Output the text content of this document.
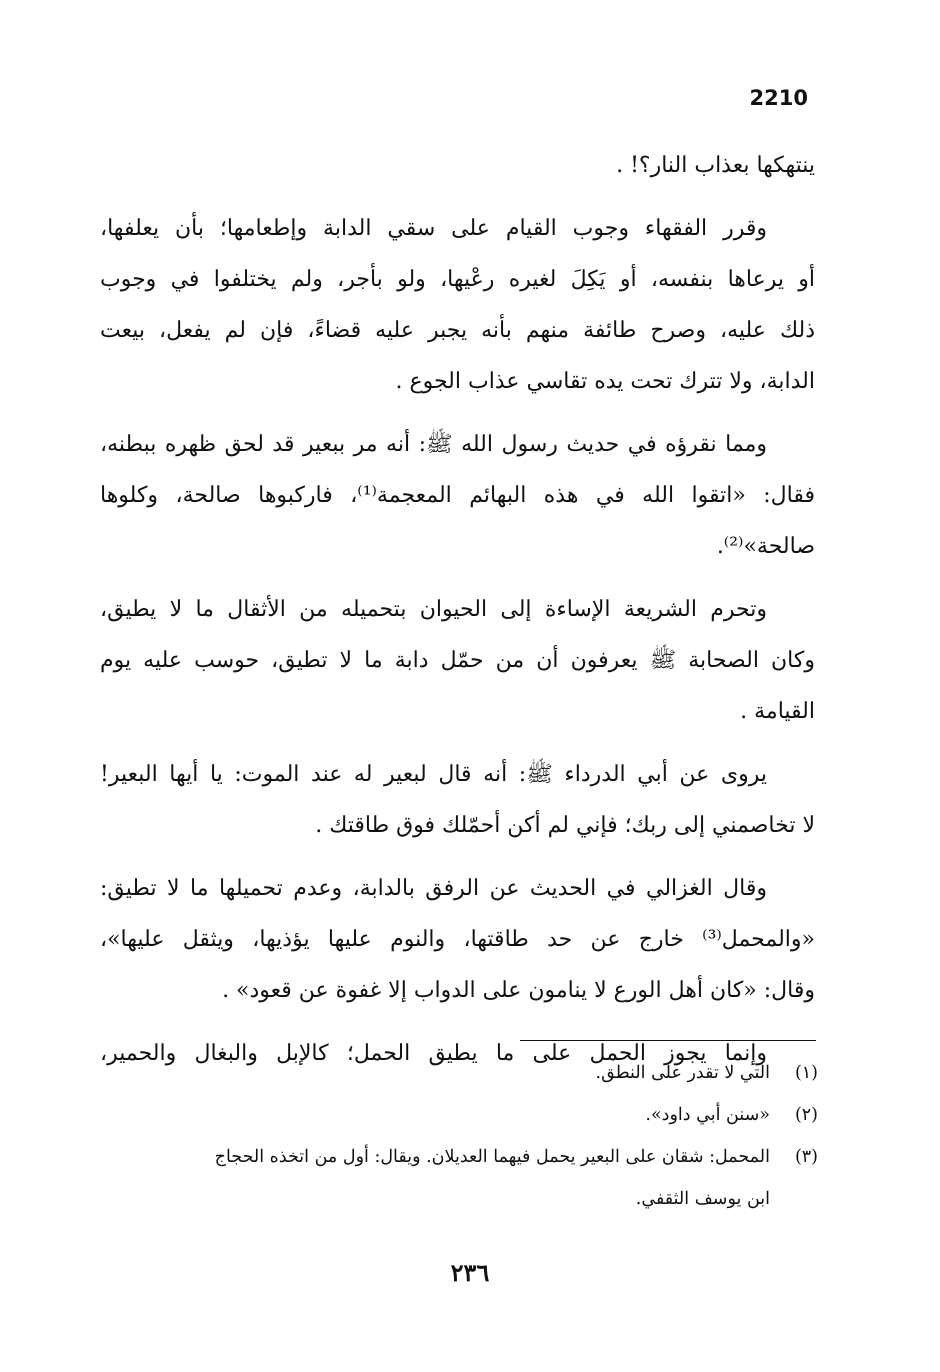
2210
ينتهكها بعذاب النار؟! .
وقرر الفقهاء وجوب القيام على سقي الدابة وإطعامها؛ بأن يعلفها،
أو يرعاها بنفسه، أو يَكِلَ لغيره رعْيها، ولو بأجر، ولم يختلفوا في وجوب
ذلك عليه، وصرح طائفة منهم بأنه يجبر عليه قضاءً، فإن لم يفعل، بيعت
الدابة، ولا تترك تحت يده تقاسي عذاب الجوع .
ومما نقرؤه في حديث رسول الله ﷺ: أنه مر ببعير قد لحق ظهره ببطنه،
فقال: «اتقوا الله في هذه البهائم المعجمة⁽¹⁾، فاركبوها صالحة، وكلوها
صالحة»⁽²⁾.
وتحرم الشريعة الإساءة إلى الحيوان بتحميله من الأثقال ما لا يطيق،
وكان الصحابة ﷺ يعرفون أن من حمّل دابة ما لا تطيق، حوسب عليه يوم
القيامة .
يروى عن أبي الدرداء ﷺ: أنه قال لبعير له عند الموت: يا أيها البعير!
لا تخاصمني إلى ربك؛ فإني لم أكن أحمّلك فوق طاقتك .
وقال الغزالي في الحديث عن الرفق بالدابة، وعدم تحميلها ما لا تطيق:
«والمحمل⁽³⁾ خارج عن حد طاقتها، والنوم عليها يؤذيها، ويثقل عليها»،
وقال: «كان أهل الورع لا ينامون على الدواب إلا غفوة عن قعود» .
وإنما يجوز الحمل على ما يطيق الحمل؛ كالإبل والبغال والحمير،
(١)التي لا تقدر على النطق.
(٢)«سنن أبي داود».
(٣)المحمل: شقان على البعير يحمل فيهما العديلان. ويقال: أول من اتخذه الحجاج
ابن يوسف الثقفي.
٢٣٦
